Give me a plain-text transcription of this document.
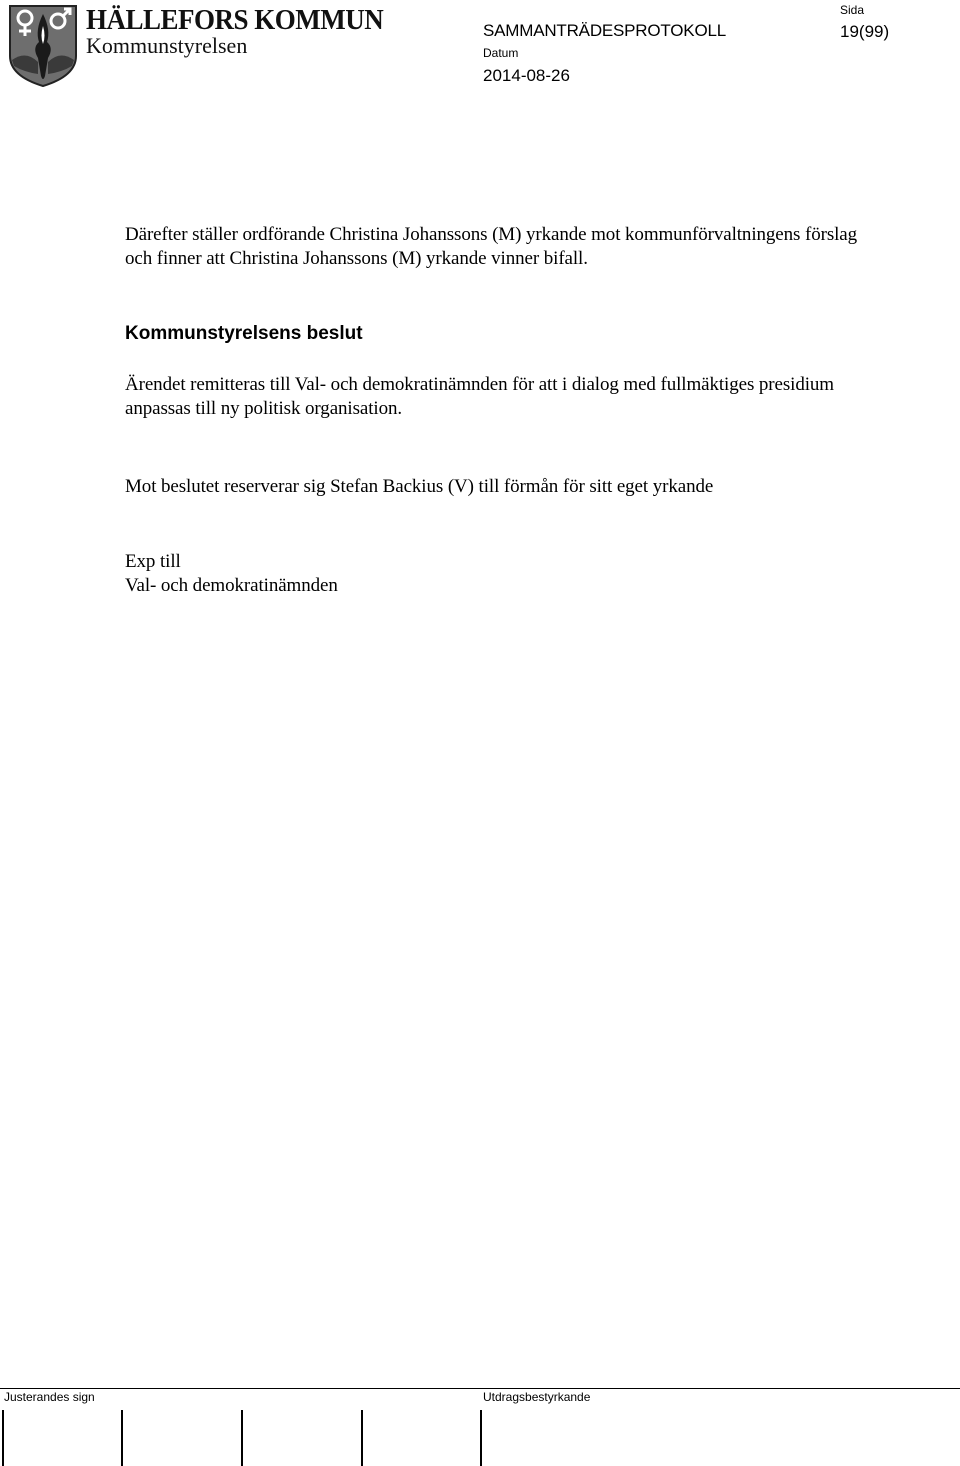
HÄLLEFORS KOMMUN
Kommunstyrelsen
SAMMANTRÄDESPROTOKOLL
Datum
2014-08-26
Sida
19(99)

Därefter ställer ordförande Christina Johanssons (M) yrkande mot kommunförvaltningens förslag och finner att Christina Johanssons (M) yrkande vinner bifall.

Kommunstyrelsens beslut

Ärendet remitteras till Val- och demokratinämnden för att i dialog med fullmäktiges presidium anpassas till ny politisk organisation.

Mot beslutet reserverar sig Stefan Backius (V) till förmån för sitt eget yrkande

Exp till

Val- och demokratinämnden

Justerandes sign	Utdragsbestyrkande
